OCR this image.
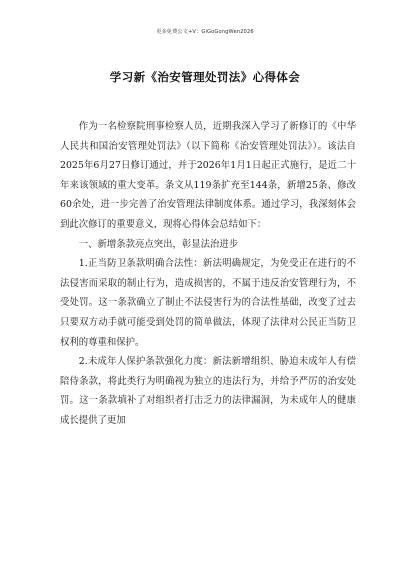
更多免费公文+V：GiGoGongWen2026
学习新《治安管理处罚法》心得体会

作为一名检察院刑事检察人员，近期我深入学习了新修订的《中华人民共和国治安管理处罚法》（以下简称《治安管理处罚法》）。该法自2025年6月27日修订通过，并于2026年1月1日起正式施行，是近二十年来该领域的重大变革。条文从119条扩充至144条，新增25条、修改60余处，进一步完善了治安管理法律制度体系。通过学习，我深刻体会到此次修订的重要意义，现将心得体会总结如下：

一、新增条款亮点突出，彰显法治进步

1.正当防卫条款明确合法性：新法明确规定，为免受正在进行的不法侵害而采取的制止行为，造成损害的，不属于违反治安管理行为，不受处罚。这一条款确立了制止不法侵害行为的合法性基础，改变了过去只要双方动手就可能受到处罚的简单做法，体现了法律对公民正当防卫权利的尊重和保护。

2.未成年人保护条款强化力度：新法新增组织、胁迫未成年人有偿陪侍条款，将此类行为明确视为独立的违法行为，并给予严厉的治安处罚。这一条款填补了对组织者打击乏力的法律漏洞，为未成年人的健康成长提供了更加
